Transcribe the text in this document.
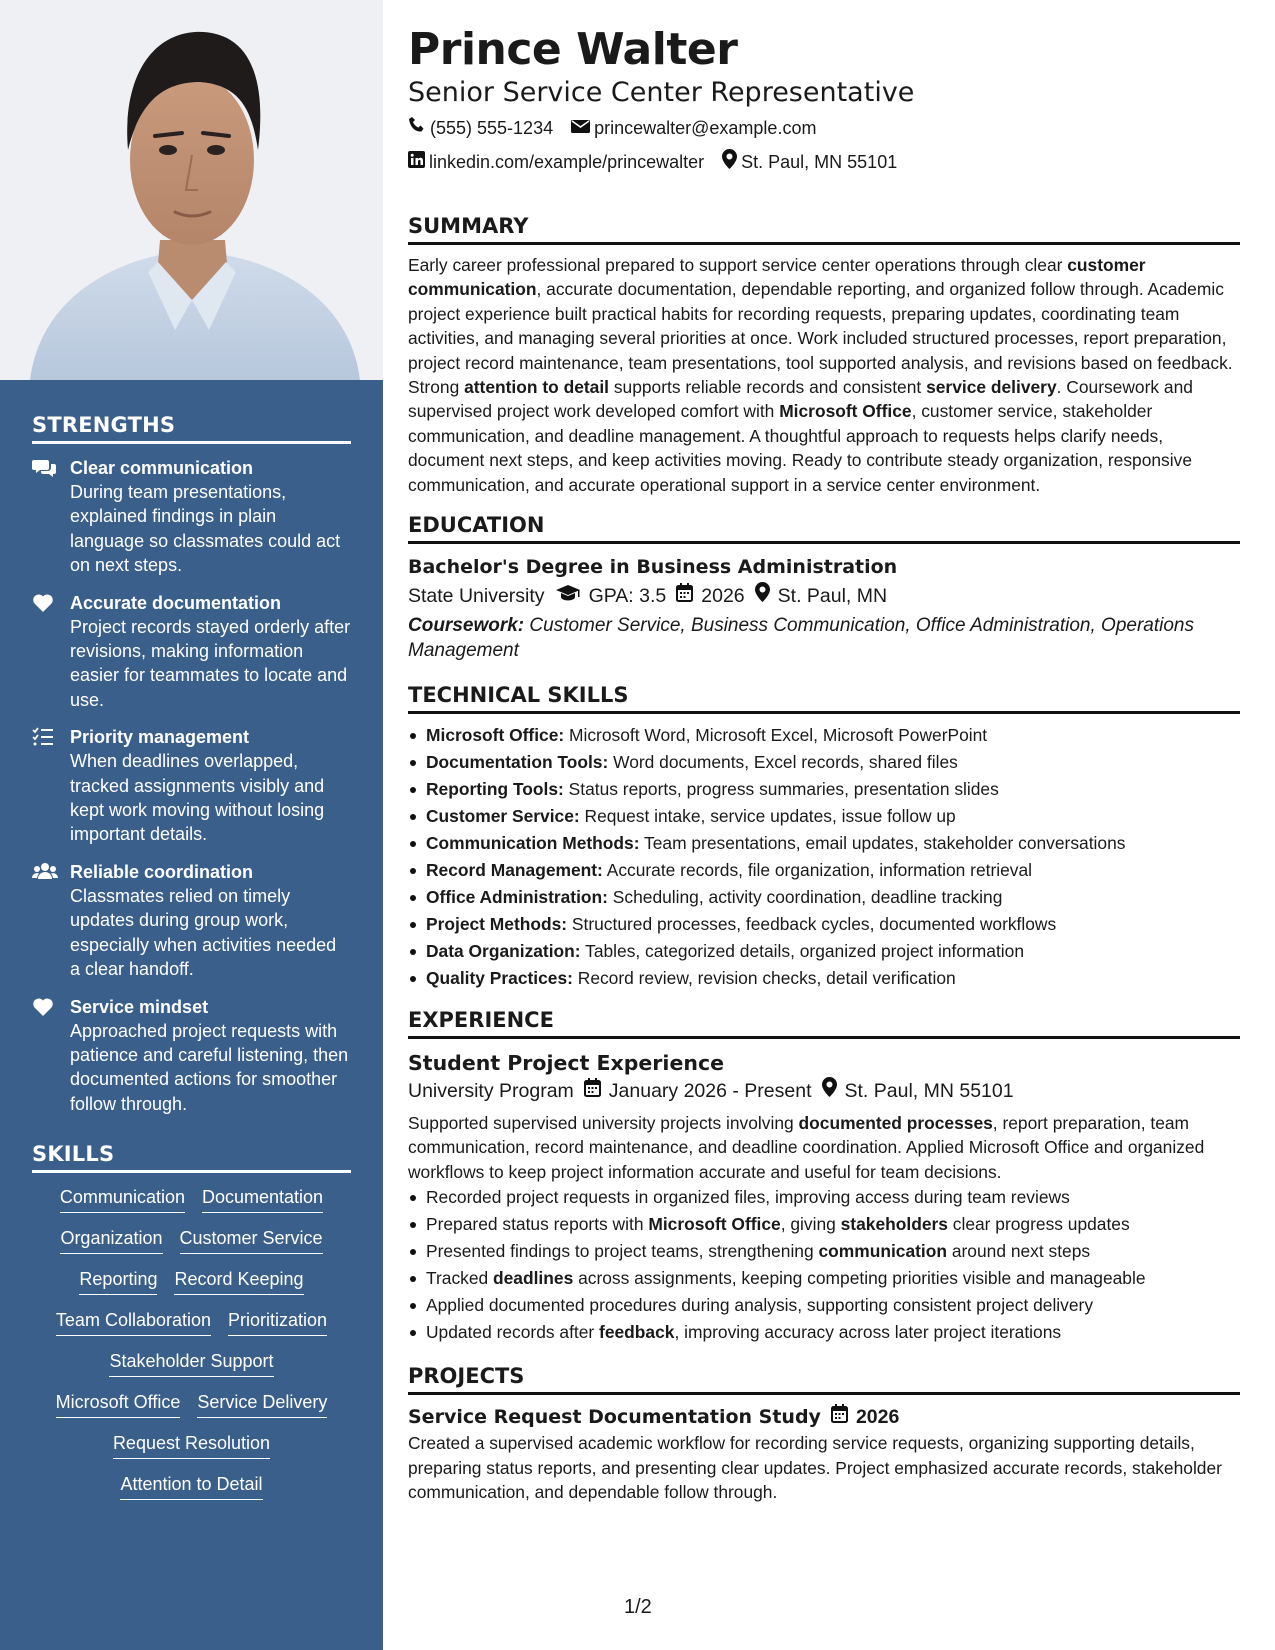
STRENGTHS
Clear communication
During team presentations, explained findings in plain language so classmates could act on next steps.
Accurate documentation
Project records stayed orderly after revisions, making information easier for teammates to locate and use.
Priority management
When deadlines overlapped, tracked assignments visibly and kept work moving without losing important details.
Reliable coordination
Classmates relied on timely updates during group work, especially when activities needed a clear handoff.
Service mindset
Approached project requests with patience and careful listening, then documented actions for smoother follow through.
SKILLS
Communication Documentation
Organization Customer Service
Reporting Record Keeping
Team Collaboration Prioritization
Stakeholder Support
Microsoft Office Service Delivery
Request Resolution
Attention to Detail
Prince Walter
Senior Service Center Representative
(555) 555-1234 princewalter@example.com
linkedin.com/example/princewalter St. Paul, MN 55101
SUMMARY

Early career professional prepared to support service center operations through clear customer communication, accurate documentation, dependable reporting, and organized follow through. Academic project experience built practical habits for recording requests, preparing updates, coordinating team activities, and managing several priorities at once. Work included structured processes, report preparation, project record maintenance, team presentations, tool supported analysis, and revisions based on feedback. Strong attention to detail supports reliable records and consistent service delivery. Coursework and supervised project work developed comfort with Microsoft Office, customer service, stakeholder communication, and deadline management. A thoughtful approach to requests helps clarify needs, document next steps, and keep activities moving. Ready to contribute steady organization, responsive communication, and accurate operational support in a service center environment.

EDUCATION
Bachelor's Degree in Business Administration
State University GPA: 3.5 2026 St. Paul, MN

Coursework: Customer Service, Business Communication, Office Administration, Operations Management

TECHNICAL SKILLS
Microsoft Office: Microsoft Word, Microsoft Excel, Microsoft PowerPoint
Documentation Tools: Word documents, Excel records, shared files
Reporting Tools: Status reports, progress summaries, presentation slides
Customer Service: Request intake, service updates, issue follow up
Communication Methods: Team presentations, email updates, stakeholder conversations
Record Management: Accurate records, file organization, information retrieval
Office Administration: Scheduling, activity coordination, deadline tracking
Project Methods: Structured processes, feedback cycles, documented workflows
Data Organization: Tables, categorized details, organized project information
Quality Practices: Record review, revision checks, detail verification
EXPERIENCE
Student Project Experience
University Program January 2026 - Present St. Paul, MN 55101

Supported supervised university projects involving documented processes, report preparation, team communication, record maintenance, and deadline coordination. Applied Microsoft Office and organized workflows to keep project information accurate and useful for team decisions.

Recorded project requests in organized files, improving access during team reviews
Prepared status reports with Microsoft Office, giving stakeholders clear progress updates
Presented findings to project teams, strengthening communication around next steps
Tracked deadlines across assignments, keeping competing priorities visible and manageable
Applied documented procedures during analysis, supporting consistent project delivery
Updated records after feedback, improving accuracy across later project iterations
PROJECTS
Service Request Documentation Study 2026

Created a supervised academic workflow for recording service requests, organizing supporting details, preparing status reports, and presenting clear updates. Project emphasized accurate records, stakeholder communication, and dependable follow through.

1/2
